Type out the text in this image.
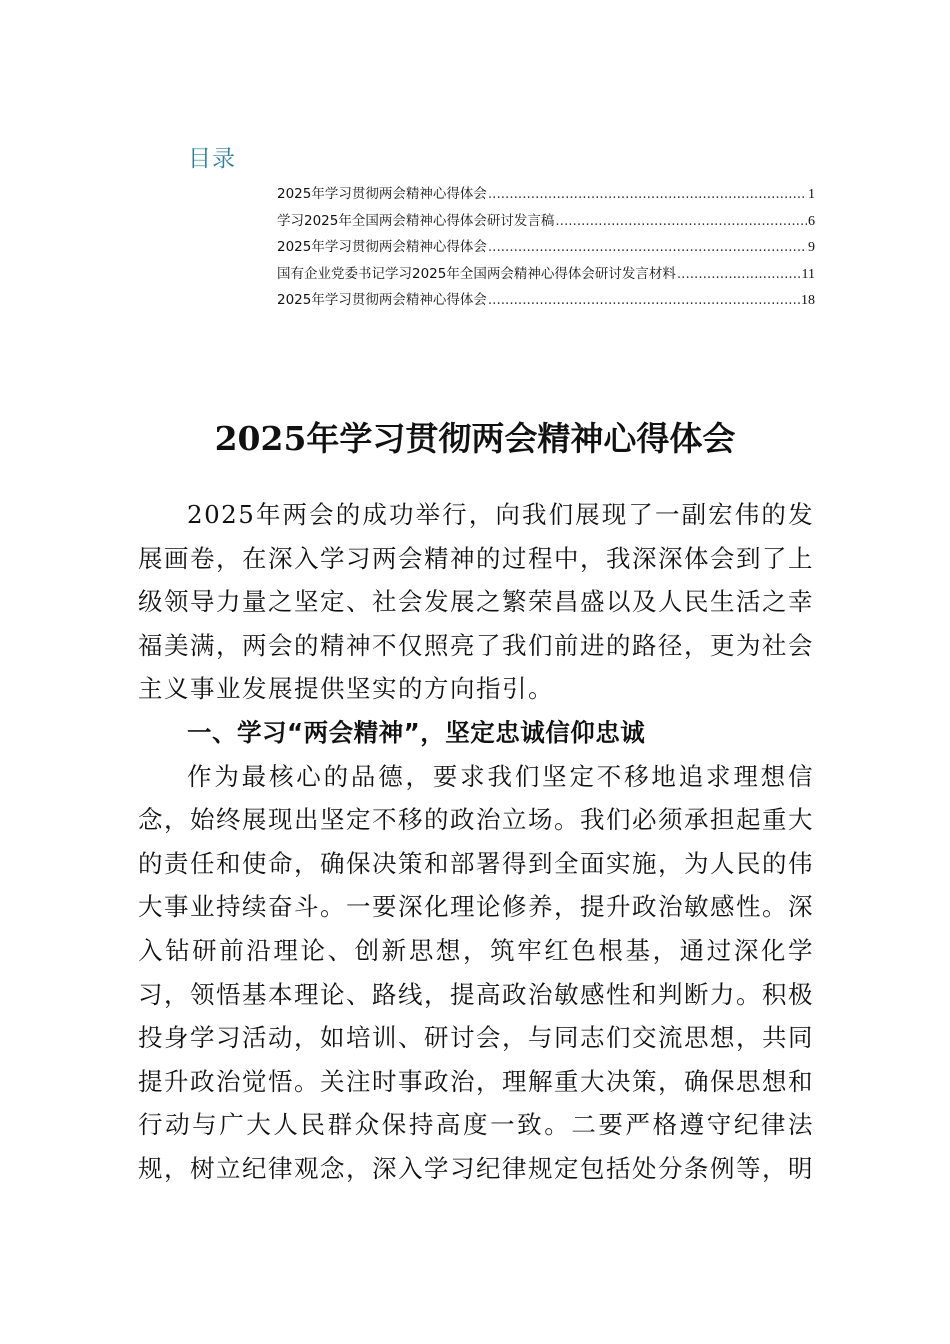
目录
2025年学习贯彻两会精神心得体会 .....	1
学习2025年全国两会精神心得体会研讨发言稿 .....	6
2025年学习贯彻两会精神心得体会 .....	9
国有企业党委书记学习2025年全国两会精神心得体会研讨发言材料 .....	11
2025年学习贯彻两会精神心得体会 .....	18
2025年学习贯彻两会精神心得体会

2025年两会的成功举行，向我们展现了一副宏伟的发展画卷，在深入学习两会精神的过程中，我深深体会到了上级领导力量之坚定、社会发展之繁荣昌盛以及人民生活之幸福美满，两会的精神不仅照亮了我们前进的路径，更为社会主义事业发展提供坚实的方向指引。

一、学习“两会精神”，坚定忠诚信仰忠诚

作为最核心的品德，要求我们坚定不移地追求理想信念，始终展现出坚定不移的政治立场。我们必须承担起重大的责任和使命，确保决策和部署得到全面实施，为人民的伟大事业持续奋斗。一要深化理论修养，提升政治敏感性。深入钻研前沿理论、创新思想，筑牢红色根基，通过深化学习，领悟基本理论、路线，提高政治敏感性和判断力。积极投身学习活动，如培训、研讨会，与同志们交流思想，共同提升政治觉悟。关注时事政治，理解重大决策，确保思想和行动与广大人民群众保持高度一致。二要严格遵守纪律法规，树立纪律观念，深入学习纪律规定包括处分条例等，明
